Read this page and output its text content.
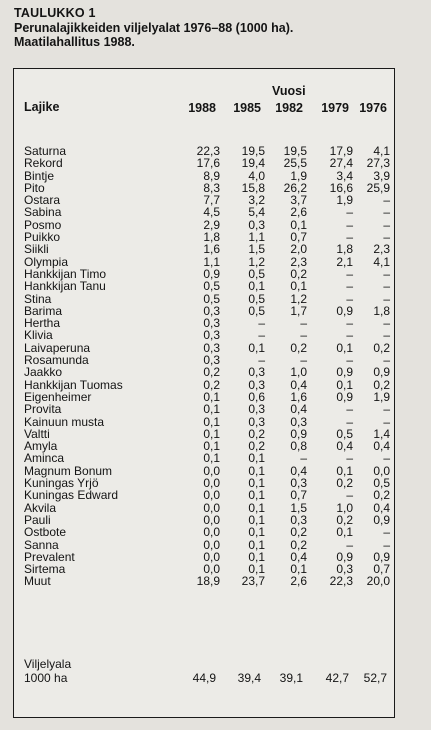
TAULUKKO 1
Perunalajikkeiden viljelyalat 1976–88 (1000 ha).
Maatilahallitus 1988.
Vuosi
Lajike	1988	1985	1982	1979 1976
Saturna	22,3	19,5	19,5	17,9	4,1
Rekord	17,6	19,4	25,5	27,4	27,3
Bintje	8,9	4,0	1,9	3,4	3,9
Pito	8,3	15,8	26,2	16,6	25,9
Ostara	7,7	3,2	3,7	1,9	–
Sabina	4,5	5,4	2,6	–	–
Posmo	2,9	0,3	0,1	–	–
Puikko	1,8	1,1	0,7	–	–
Siikli	1,6	1,5	2,0	1,8	2,3
Olympia	1,1	1,2	2,3	2,1	4,1
Hankkijan Timo	0,9	0,5	0,2	–	–
Hankkijan Tanu	0,5	0,1	0,1	–	–
Stina	0,5	0,5	1,2	–	–
Barima	0,3	0,5	1,7	0,9	1,8
Hertha	0,3	–	–	–	–
Klivia	0,3	–	–	–	–
Laivaperuna	0,3	0,1	0,2	0,1	0,2
Rosamunda	0,3	–	–	–	–
Jaakko	0,2	0,3	1,0	0,9	0,9
Hankkijan Tuomas	0,2	0,3	0,4	0,1	0,2
Eigenheimer	0,1	0,6	1,6	0,9	1,9
Provita	0,1	0,3	0,4	–	–
Kainuun musta	0,1	0,3	0,3	–	–
Valtti	0,1	0,2	0,9	0,5	1,4
Amyla	0,1	0,2	0,8	0,4	0,4
Aminca	0,1	0,1	–	–	–
Magnum Bonum	0,0	0,1	0,4	0,1	0,0
Kuningas Yrjö	0,0	0,1	0,3	0,2	0,5
Kuningas Edward	0,0	0,1	0,7	–	0,2
Akvila	0,0	0,1	1,5	1,0	0,4
Pauli	0,0	0,1	0,3	0,2	0,9
Ostbote	0,0	0,1	0,2	0,1	–
Sanna	0,0	0,1	0,2	–	–
Prevalent	0,0	0,1	0,4	0,9	0,9
Sirtema	0,0	0,1	0,1	0,3	0,7
Muut	18,9	23,7	2,6	22,3	20,0
Viljelyala
1000 ha	44,9	39,4	39,1	42,7	52,7
